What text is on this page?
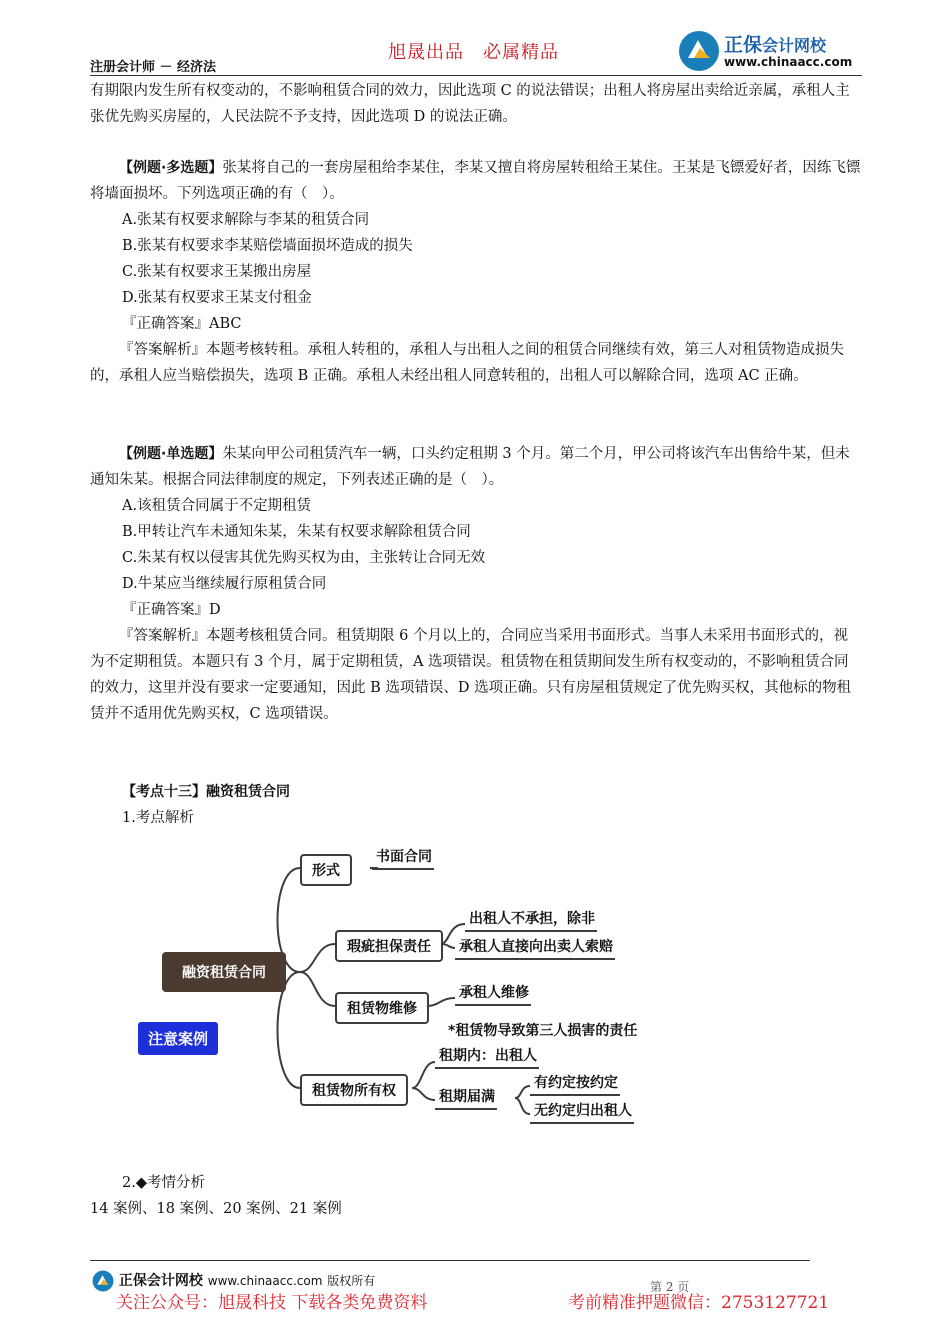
旭晟出品　必属精品
注册会计师 － 经济法
正保会计网校
www.chinaacc.com
有期限内发生所有权变动的，不影响租赁合同的效力，因此选项 C 的说法错误；出租人将房屋出卖给近亲属，承租人主张优先购买房屋的，人民法院不予支持，因此选项 D 的说法正确。
【例题·多选题】张某将自己的一套房屋租给李某住，李某又擅自将房屋转租给王某住。王某是飞镖爱好者，因练飞镖将墙面损坏。下列选项正确的有（　）。
A.张某有权要求解除与李某的租赁合同
B.张某有权要求李某赔偿墙面损坏造成的损失
C.张某有权要求王某搬出房屋
D.张某有权要求王某支付租金
『正确答案』ABC
『答案解析』本题考核转租。承租人转租的，承租人与出租人之间的租赁合同继续有效，第三人对租赁物造成损失的，承租人应当赔偿损失，选项 B 正确。承租人未经出租人同意转租的，出租人可以解除合同，选项 AC 正确。
【例题·单选题】朱某向甲公司租赁汽车一辆，口头约定租期 3 个月。第二个月，甲公司将该汽车出售给牛某，但未通知朱某。根据合同法律制度的规定，下列表述正确的是（　）。
A.该租赁合同属于不定期租赁
B.甲转让汽车未通知朱某，朱某有权要求解除租赁合同
C.朱某有权以侵害其优先购买权为由，主张转让合同无效
D.牛某应当继续履行原租赁合同
『正确答案』D
『答案解析』本题考核租赁合同。租赁期限 6 个月以上的，合同应当采用书面形式。当事人未采用书面形式的，视为不定期租赁。本题只有 3 个月，属于定期租赁，A 选项错误。租赁物在租赁期间发生所有权变动的，不影响租赁合同的效力，这里并没有要求一定要通知，因此 B 选项错误、D 选项正确。只有房屋租赁规定了优先购买权，其他标的物租赁并不适用优先购买权，C 选项错误。
【考点十三】融资租赁合同
1.考点解析
融资租赁合同
形式
书面合同
瑕疵担保责任
出租人不承担，除非
承租人直接向出卖人索赔
租赁物维修
承租人维修
*租赁物导致第三人损害的责任
租赁物所有权
租期内：出租人
租期届满
有约定按约定
无约定归出租人
注意案例
2.◆考情分析
14 案例、18 案例、20 案例、21 案例
正保会计网校 www.chinaacc.com 版权所有	第 2 页
关注公众号：旭晟科技 下载各类免费资料	考前精准押题微信：2753127721
